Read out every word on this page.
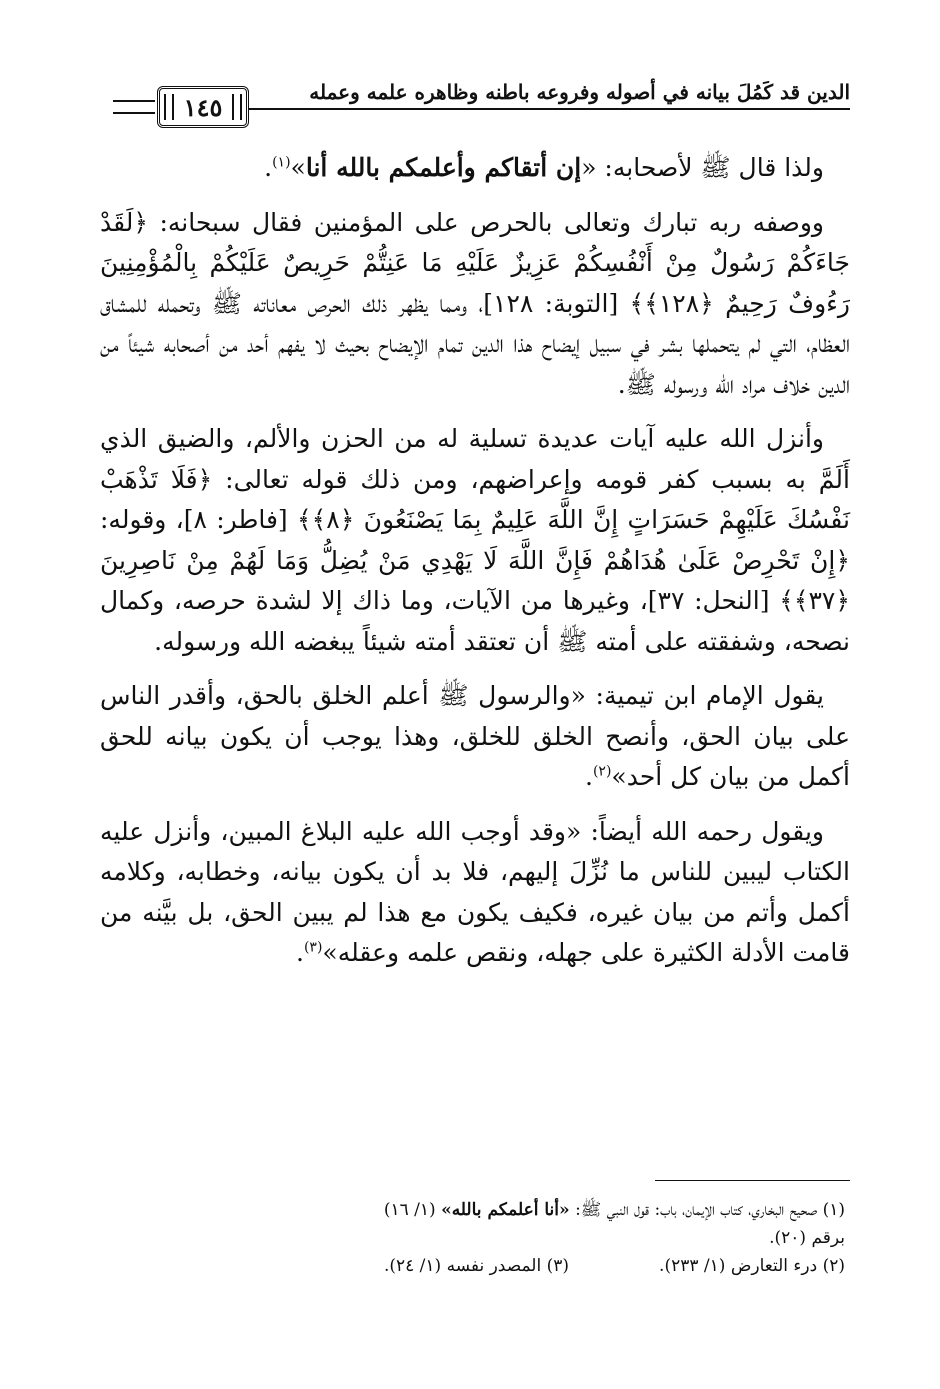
الدين قد كَمُلَ بيانه في أصوله وفروعه باطنه وظاهره علمه وعمله
١٤٥

ولذا قال ﷺ لأصحابه: «إن أتقاكم وأعلمكم بالله أنا»$^{(١)}$.

ووصفه ربه تبارك وتعالى بالحرص على المؤمنين فقال سبحانه: ﴿لَقَدْ جَاءَكُمْ رَسُولٌ مِنْ أَنْفُسِكُمْ عَزِيزٌ عَلَيْهِ مَا عَنِتُّمْ حَرِيصٌ عَلَيْكُمْ بِالْمُؤْمِنِينَ رَءُوفٌ رَحِيمٌ ﴿١٢٨﴾﴾ [التوبة: ١٢٨]، ومما يظهر ذلك الحرص معاناته ﷺ وتحمله للمشاق العظام، التي لم يتحملها بشر في سبيل إيضاح هذا الدين تمام الإيضاح بحيث لا يفهم أحد من أصحابه شيئاً من الدين خلاف مراد الله ورسوله ﷺ.

وأنزل الله عليه آيات عديدة تسلية له من الحزن والألم، والضيق الذي أَلَمَّ به بسبب كفر قومه وإعراضهم، ومن ذلك قوله تعالى: ﴿فَلَا تَذْهَبْ نَفْسُكَ عَلَيْهِمْ حَسَرَاتٍ إِنَّ اللَّهَ عَلِيمٌ بِمَا يَصْنَعُونَ ﴿٨﴾﴾ [فاطر: ٨]، وقوله: ﴿إِنْ تَحْرِصْ عَلَىٰ هُدَاهُمْ فَإِنَّ اللَّهَ لَا يَهْدِي مَنْ يُضِلُّ وَمَا لَهُمْ مِنْ نَاصِرِينَ ﴿٣٧﴾﴾ [النحل: ٣٧]، وغيرها من الآيات، وما ذاك إلا لشدة حرصه، وكمال نصحه، وشفقته على أمته ﷺ أن تعتقد أمته شيئاً يبغضه الله ورسوله.

يقول الإمام ابن تيمية: «والرسول ﷺ أعلم الخلق بالحق، وأقدر الناس على بيان الحق، وأنصح الخلق للخلق، وهذا يوجب أن يكون بيانه للحق أكمل من بيان كل أحد»$^{(٢)}$.

ويقول رحمه الله أيضاً: «وقد أوجب الله عليه البلاغ المبين، وأنزل عليه الكتاب ليبين للناس ما نُزِّلَ إليهم، فلا بد أن يكون بيانه، وخطابه، وكلامه أكمل وأتم من بيان غيره، فكيف يكون مع هذا لم يبين الحق، بل بيَّنه من قامت الأدلة الكثيرة على جهله، ونقص علمه وعقله»$^{(٣)}$.

(١) صحيح البخاري، كتاب الإيمان، باب: قول النبي ﷺ: «أنا أعلمكم بالله» (١/ ١٦)

برقم (٢٠).

(٢) درء التعارض (١/ ٢٣٣).

(٣) المصدر نفسه (١/ ٢٤).
